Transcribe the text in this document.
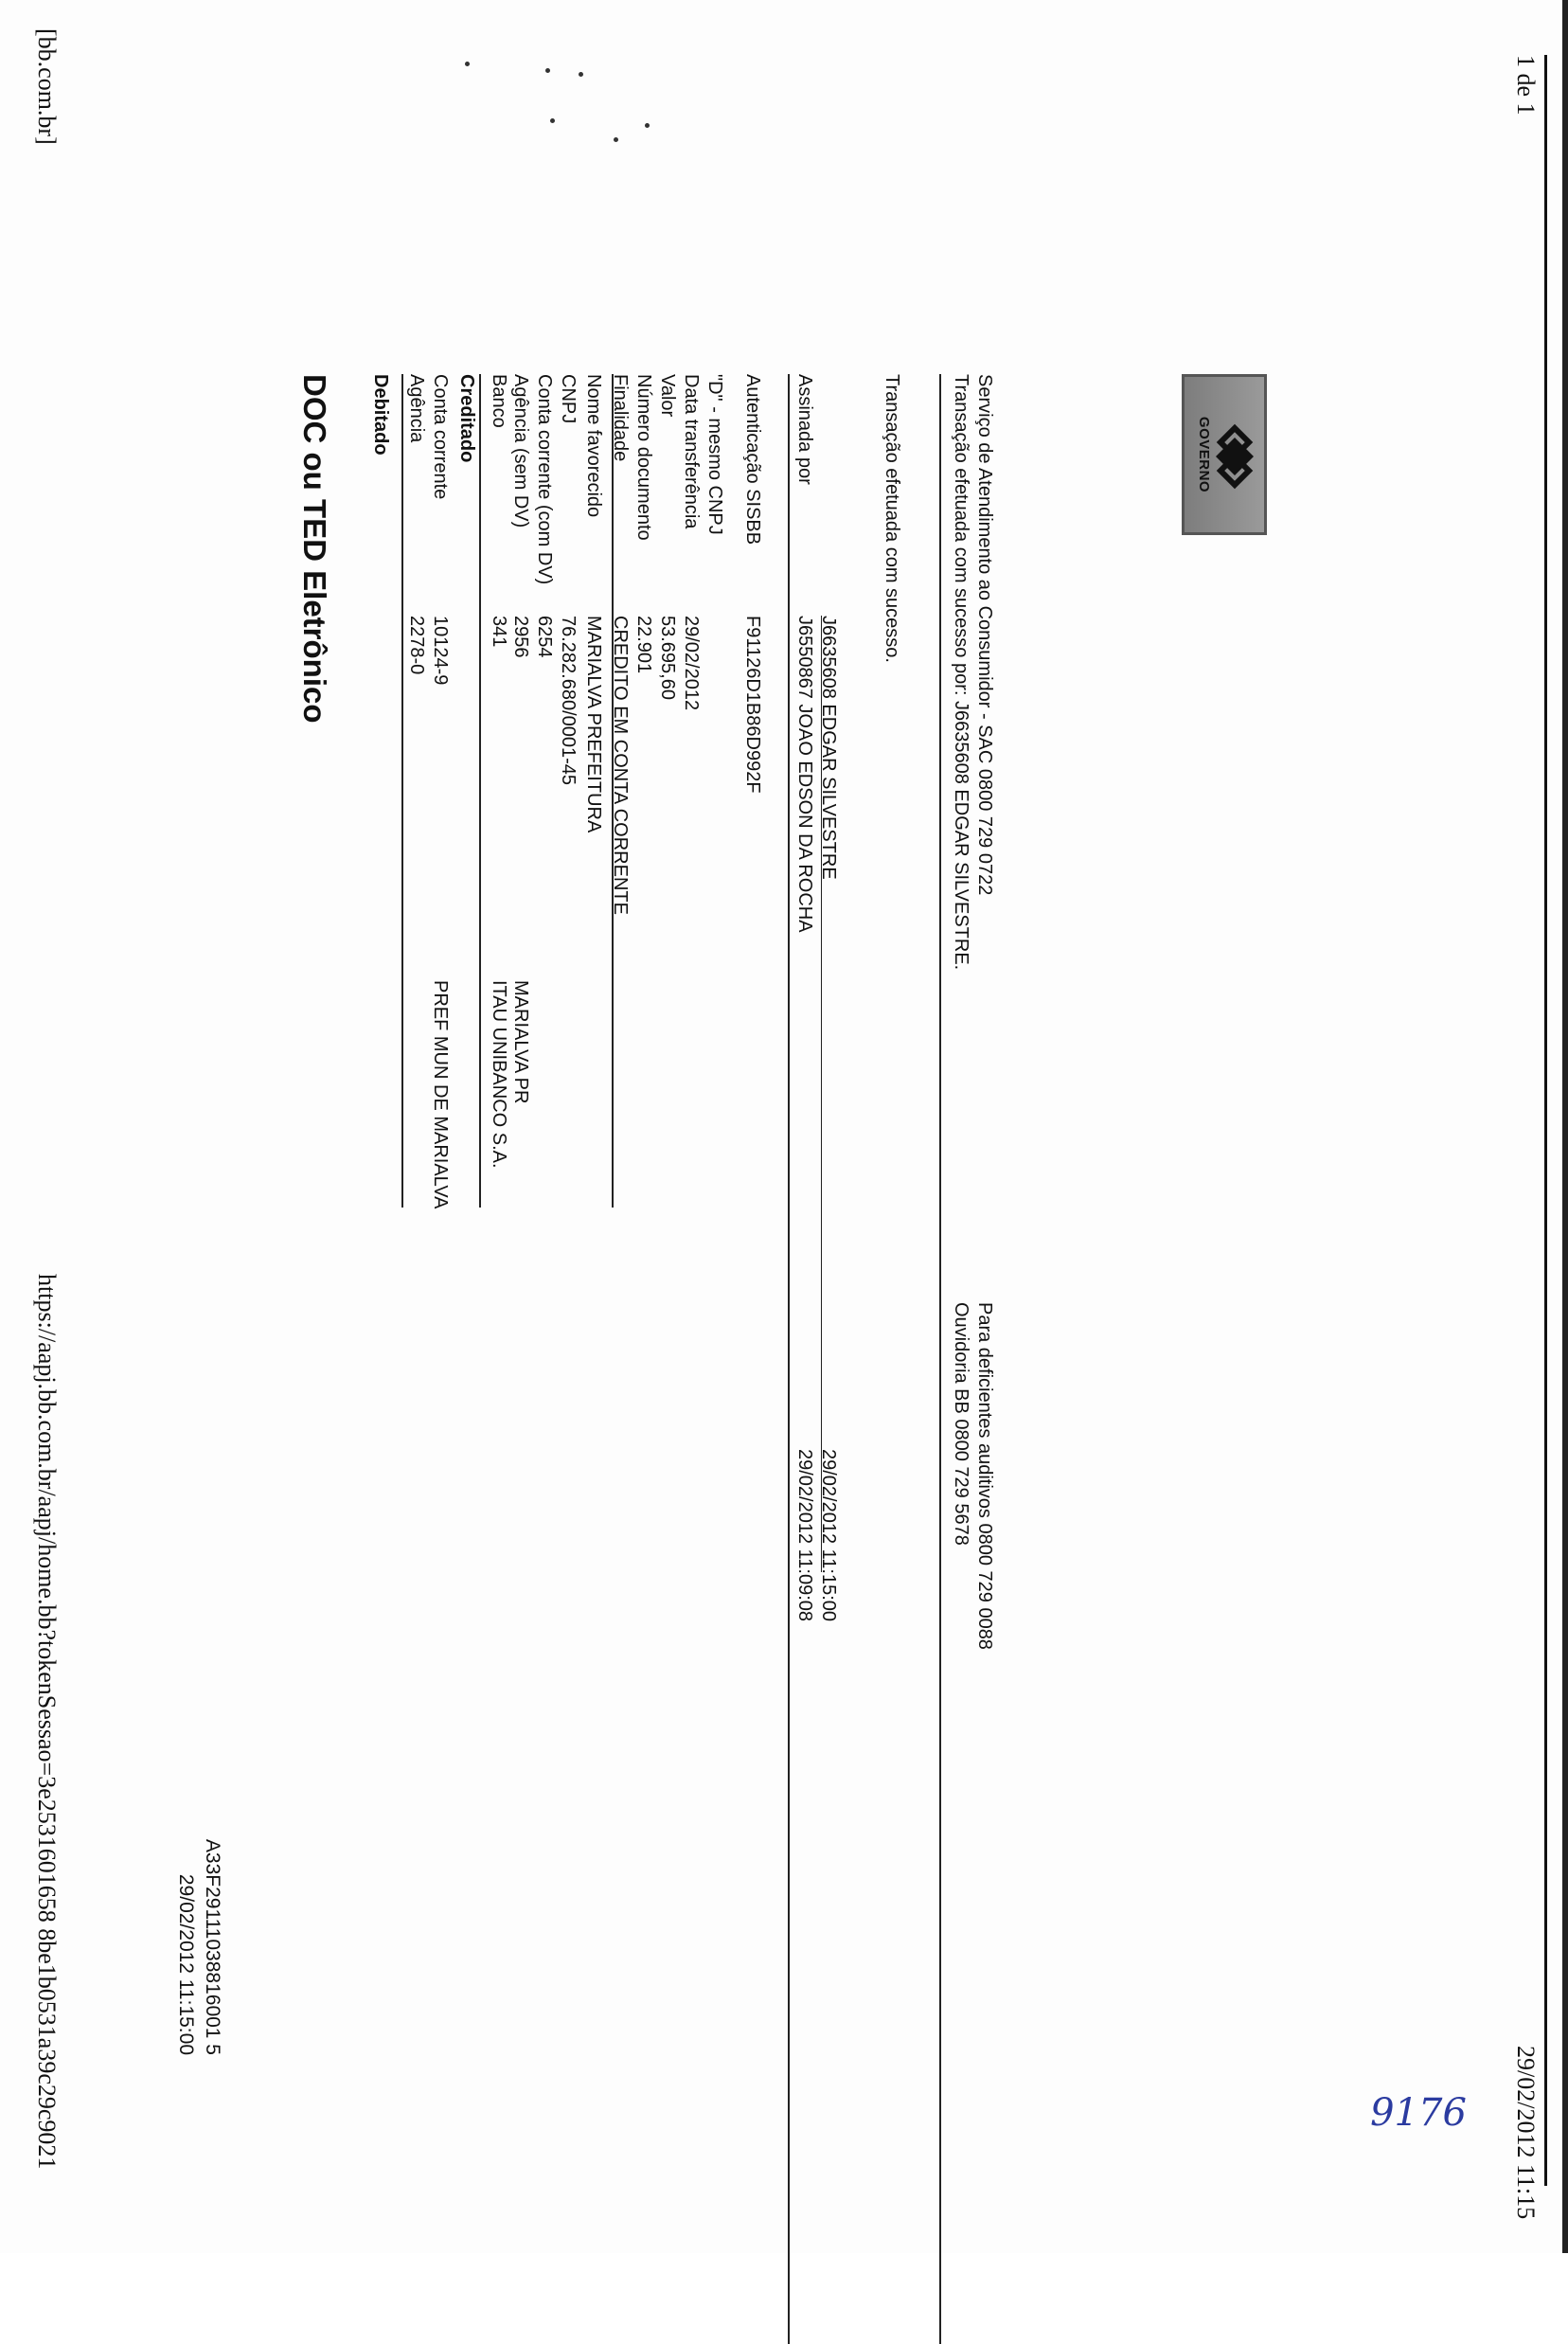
[bb.com.br]
https://aapj.bb.com.br/aapj/home.bb?tokenSessao=3e2531601658 8be1b0531a39c29c9021
1 de 1
29/02/2012 11:15
GOVERNO
A33F29111038816001 5
29/02/2012 11:15:00
DOC ou TED Eletrônico Debitado Agência
2278-0
Conta corrente
10124-9
PREF MUN DE MARIALVA
Creditado Banco
341
ITAU UNIBANCO S.A.
Agência (sem DV)
2956
MARIALVA PR
Conta corrente (com DV)
6254
CNPJ
76.282.680/0001-45
Nome favorecido
MARIALVA PREFEITURA
Finalidade
CREDITO EM CONTA CORRENTE
Número documento
22.901
Valor
53.695,60
Data transferência
29/02/2012
"D" - mesmo CNPJ Autenticação SISBB
F91126D1B86D992F
Assinada por
J6550867 JOAO EDSON DA ROCHA
29/02/2012 11:09:08
J6635608 EDGAR SILVESTRE
29/02/2012 11:15:00
Transação efetuada com sucesso.	Transação efetuada com sucesso por: J6635608 EDGAR SILVESTRE. Serviço de Atendimento ao Consumidor - SAC 0800 729 0722
Ouvidoria BB 0800 729 5678 Para deficientes auditivos 0800 729 0088
9176
